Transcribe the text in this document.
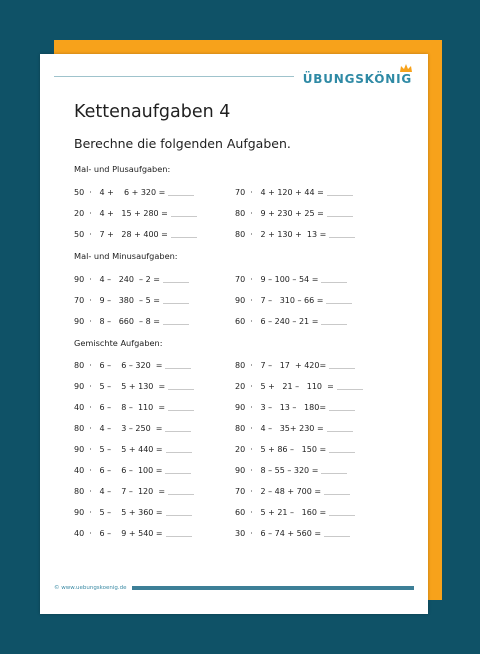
ÜBUNGSKÖNIG
Kettenaufgaben 4
Berechne die folgenden Aufgaben.
Mal- und Plusaufgaben:
50  ·   4 +    6 + 320 =
20  ·   4 +   15 + 280 =
50  ·   7 +   28 + 400 =
70  ·   4 + 120 + 44 =
80  ·   9 + 230 + 25 =
80  ·   2 + 130 +  13 =
Mal- und Minusaufgaben:
90  ·   4 –   240  – 2 =
70  ·   9 –   380  – 5 =
90  ·   8 –   660  – 8 =
70  ·   9 – 100 – 54 =
90  ·   7 –   310 – 66 =
60  ·   6 – 240 – 21 =
Gemischte Aufgaben:
80  ·   6 –    6 – 320  =
90  ·   5 –    5 + 130  =
40  ·   6 –    8 –  110  =
80  ·   4 –    3 – 250  =
90  ·   5 –    5 + 440 =
40  ·   6 –    6 –  100 =
80  ·   4 –    7 –  120  =
90  ·   5 –    5 + 360 =
40  ·   6 –    9 + 540 =
80  ·   7 –   17  + 420=
20  ·   5 +   21 –   110  =
90  ·   3 –   13 –   180=
80  ·   4 –   35+ 230 =
20  ·   5 + 86 –   150 =
90  ·   8 – 55 – 320 =
70  ·   2 – 48 + 700 =
60  ·   5 + 21 –   160 =
30  ·   6 – 74 + 560 =
© www.uebungskoenig.de
